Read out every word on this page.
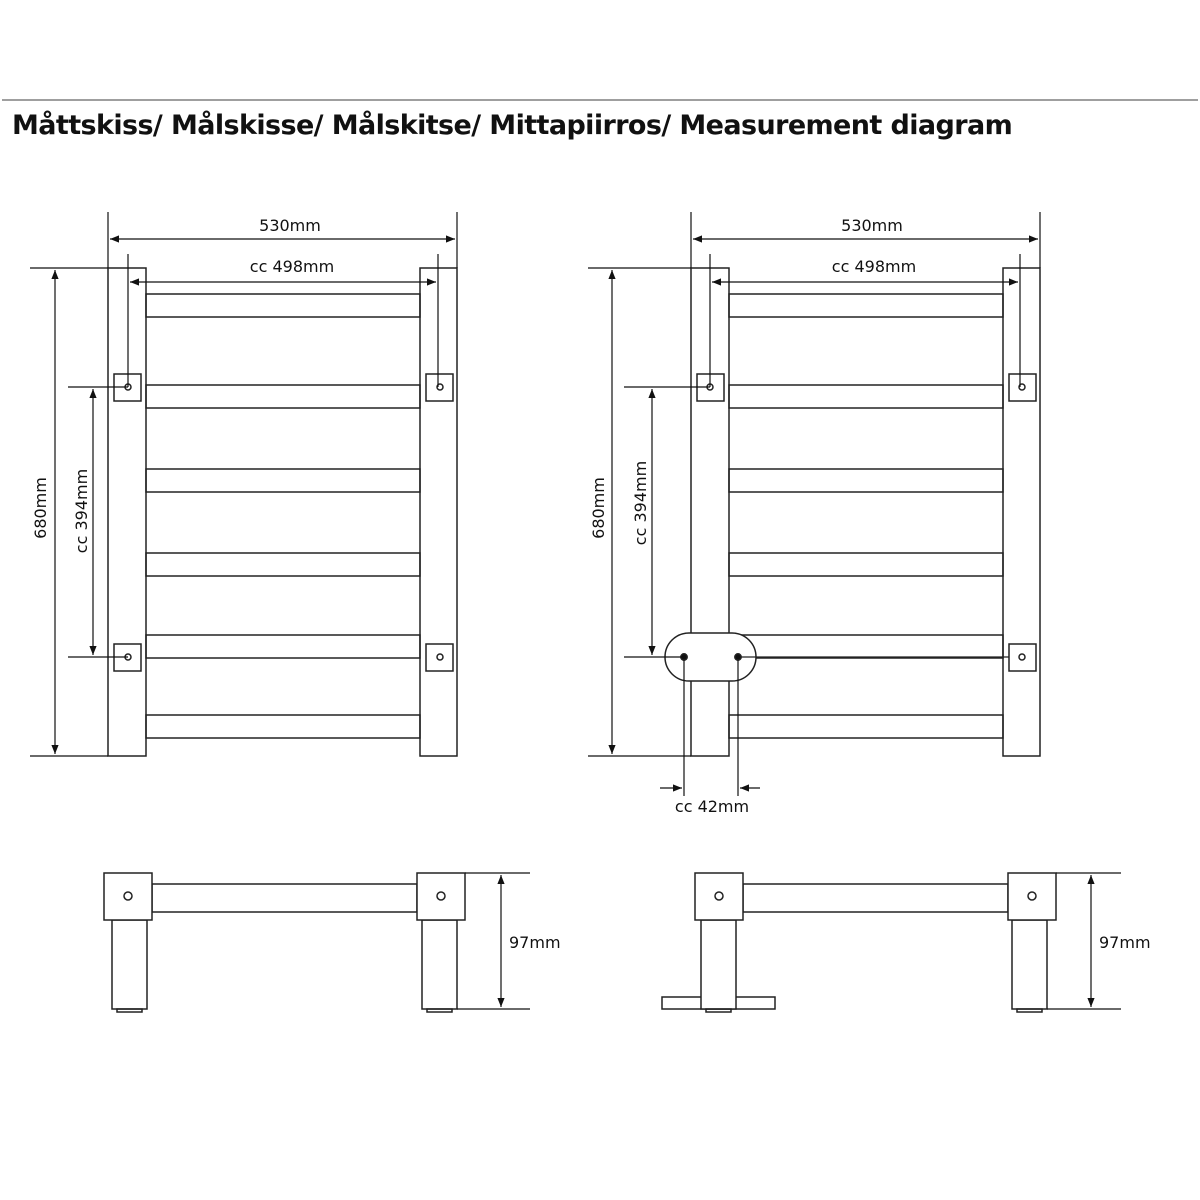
Måttskiss/ Målskisse/ Målskitse/ Mittapiirros/ Measurement diagram
530mm
cc 498mm
680mm cc 394mm
530mm
cc 498mm
680mm cc 394mm
cc 42mm
97mm	97mm
